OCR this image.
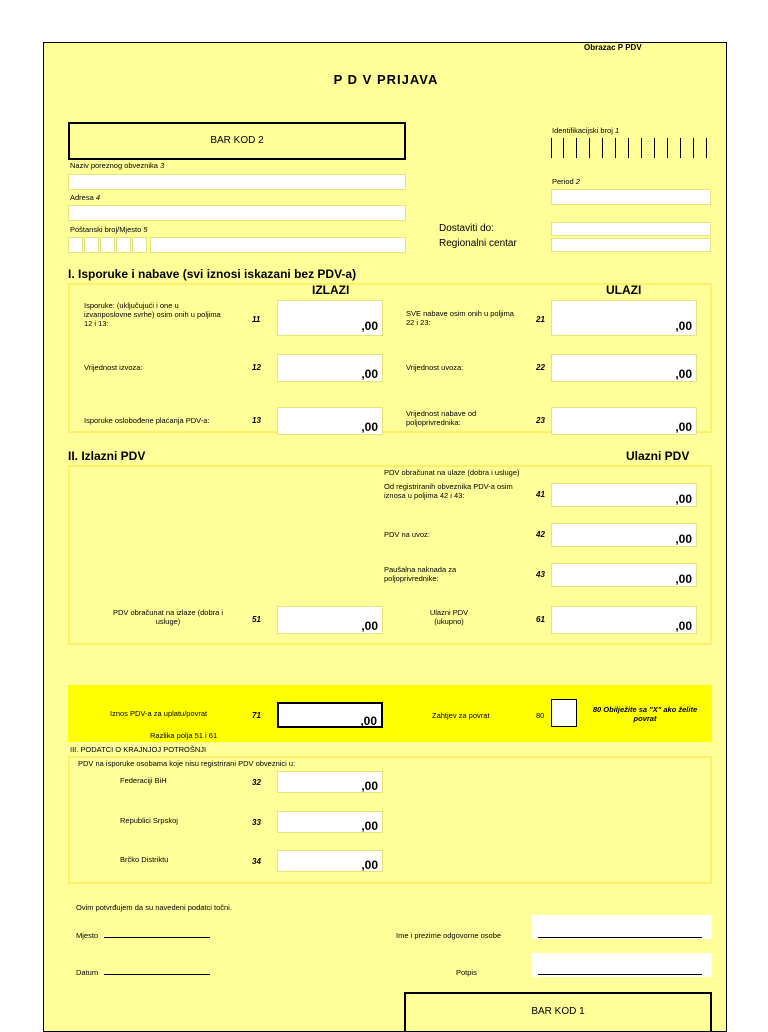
Obrazac P PDV
P D V PRIJAVA
BAR KOD 2
Identifikacijski broj 1
Naziv poreznog obveznika 3
Period 2
Adresa 4
Poštanski broj/Mjesto 5	Dostaviti do:
Regionalni centar
I. Isporuke i nabave (svi iznosi iskazani bez PDV-a)
IZLAZI	ULAZI
Isporuke: (uključujući i one u izvanposlovne svrhe) osim onih u poljima 12 i 13:	11	,00
SVE nabave osim onih u poljima 22 i 23:	21	,00
Vrijednost izvoza:	12	,00	Vrijednost uvoza:	22	,00
Isporuke oslobođene plaćanja PDV-a:	13	,00
Vrijednost nabave od poljoprivrednika:	23	,00
II. Izlazni PDV	Ulazni PDV
PDV obračunat na ulaze (dobra i usluge)
Od registriranih obveznika PDV-a osim iznosa u poljima 42 i 43:	41	,00
PDV na uvoz:	42	,00
Paušalna naknada za poljoprivrednike:	43	,00
PDV obračunat na izlaze (dobra i usluge)	51	,00
Ulazni PDV (ukupno)	61	,00
Iznos PDV-a za uplatu/povrat	71	,00
Razlika polja 51 i 61
Zahtjev za povrat	80
80 Obilježite sa "X" ako želite povrat
III. PODATCI O KRAJNJOJ POTROŠNJI
PDV na isporuke osobama koje nisu registrirani PDV obveznici u:
Federaciji BiH	32	,00
Republici Srpskoj	33	,00
Brčko Distriktu	34	,00
Ovim potvrđujem da su navedeni podatci točni.
Mjesto	Ime i prezime odgovorne osobe
Datum	Potpis
BAR KOD 1
